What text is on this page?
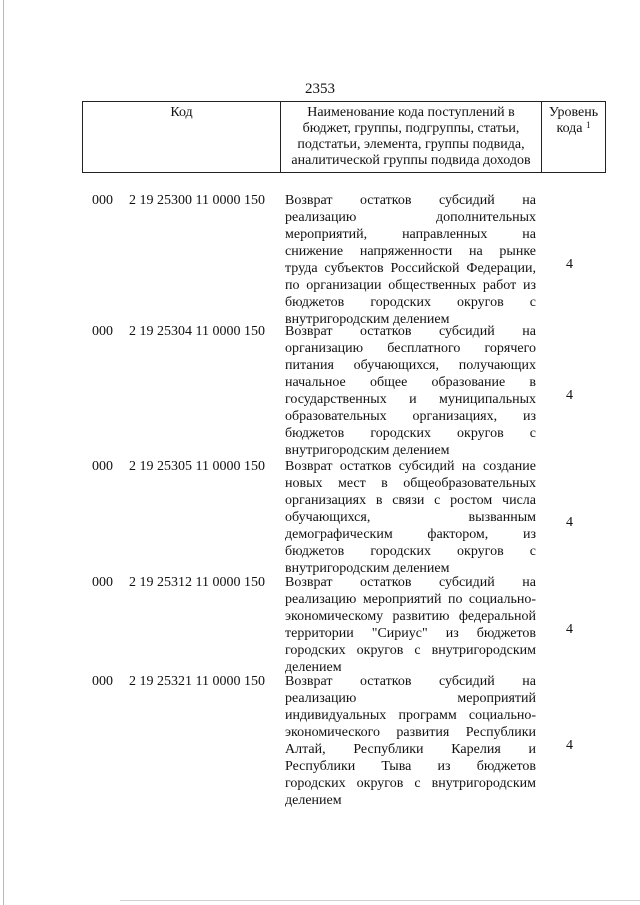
2353
Код	Наименование кода поступлений в
бюджет, группы, подгруппы, статьи,
подстатьи, элемента, группы подвида,
аналитической группы подвида доходов
Уровень
кода $^1$
000 2 19 25300 11 0000 150 Возврат остатков субсидий на
реализацию дополнительных
мероприятий, направленных на
снижение напряженности на рынке
труда субъектов Российской Федерации,
по организации общественных работ из
бюджетов городских округов с
внутригородским делением
4
000 2 19 25304 11 0000 150 Возврат остатков субсидий на
организацию бесплатного горячего
питания обучающихся, получающих
начальное общее образование в
государственных и муниципальных
образовательных организациях, из
бюджетов городских округов с
внутригородским делением
4
000 2 19 25305 11 0000 150 Возврат остатков субсидий на создание
новых мест в общеобразовательных
организациях в связи с ростом числа
обучающихся, вызванным
демографическим фактором, из
бюджетов городских округов с
внутригородским делением
4
000 2 19 25312 11 0000 150 Возврат остатков субсидий на
реализацию мероприятий по социально-
экономическому развитию федеральной
территории "Сириус" из бюджетов
городских округов с внутригородским
делением
4
000 2 19 25321 11 0000 150 Возврат остатков субсидий на
реализацию мероприятий
индивидуальных программ социально-
экономического развития Республики
Алтай, Республики Карелия и
Республики Тыва из бюджетов
городских округов с внутригородским
делением
4
